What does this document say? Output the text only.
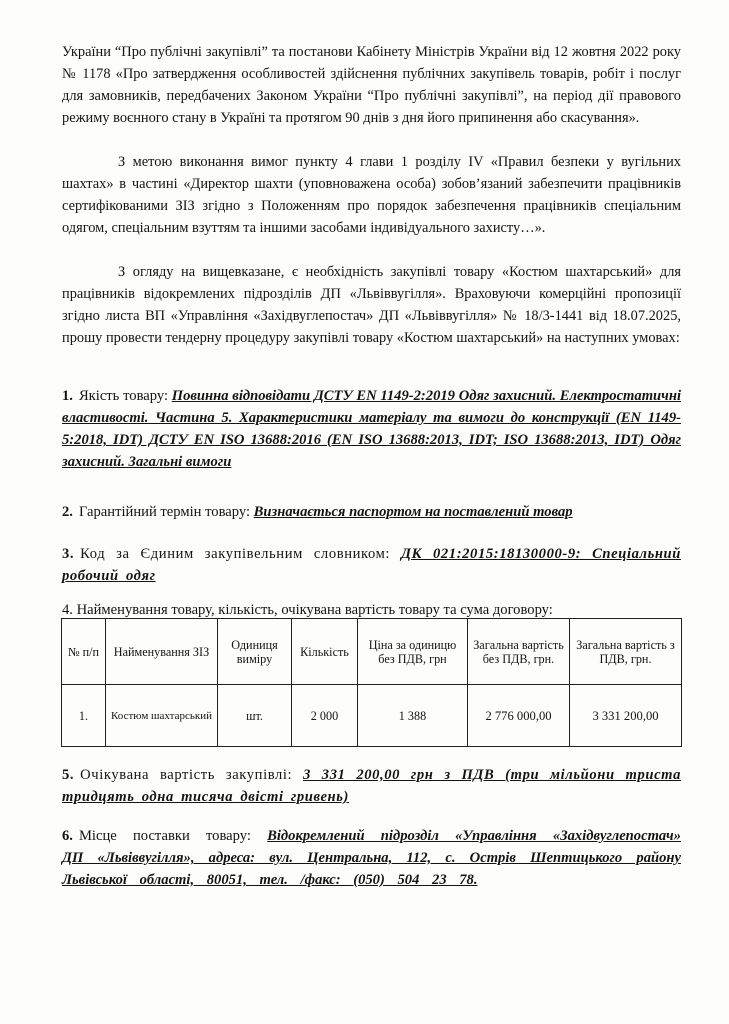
України “Про публічні закупівлі” та постанови Кабінету Міністрів України від 12 жовтня 2022 року № 1178 «Про затвердження особливостей здійснення публічних закупівель товарів, робіт і послуг для замовників, передбачених Законом України “Про публічні закупівлі”, на період дії правового режиму воєнного стану в Україні та протягом 90 днів з дня його припинення або скасування».

З метою виконання вимог пункту 4 глави 1 розділу IV «Правил безпеки у вугільних шахтах» в частині «Директор шахти (уповноважена особа) зобов’язаний забезпечити працівників сертифікованими ЗІЗ згідно з Положенням про порядок забезпечення працівників спеціальним одягом, спеціальним взуттям та іншими засобами індивідуального захисту…».

З огляду на вищевказане, є необхідність закупівлі товару «Костюм шахтарський» для працівників відокремлених підрозділів ДП «Львіввугілля». Враховуючи комерційні пропозиції згідно листа ВП «Управління «Західвуглепостач» ДП «Львіввугілля» № 18/3-1441 від 18.07.2025, прошу провести тендерну процедуру закупівлі товару «Костюм шахтарський» на наступних умовах:

1. Якість товару: Повинна відповідати ДСТУ EN 1149-2:2019 Одяг захисний. Електростатичні властивості. Частина 5. Характеристики матеріалу та вимоги до конструкції (EN 1149-5:2018, IDT) ДСТУ EN ISO 13688:2016 (EN ISO 13688:2013, IDT; ISO 13688:2013, IDT) Одяг захисний. Загальні вимоги

2. Гарантійний термін товару: Визначається паспортом на поставлений товар

3. Код за Єдиним закупівельним словником: ДК 021:2015:18130000-9: Спеціальний робочий одяг

4. Найменування товару, кількість, очікувана вартість товару та сума договору:

№ п/п	Найменування ЗІЗ	Одиниця виміру	Кількість	Ціна за одиницю без ПДВ, грн	Загальна вартість без ПДВ, грн.	Загальна вартість з ПДВ, грн.
1.	Костюм шахтарський	шт.	2 000	1 388	2 776 000,00	3 331 200,00

5. Очікувана вартість закупівлі: 3 331 200,00 грн з ПДВ (три мільйони триста тридцять одна тисяча двісті гривень)

6. Місце поставки товару: Відокремлений підрозділ «Управління «Західвуглепостач» ДП «Львіввугілля», адреса: вул. Центральна, 112, с. Острів Шептицького району Львівської області, 80051, тел. /факс: (050) 504 23 78.
